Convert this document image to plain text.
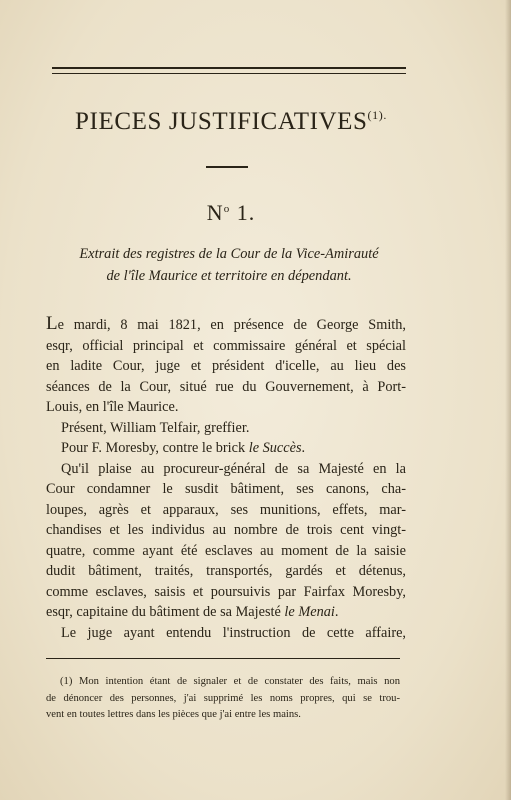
PIECES $JUSTIFICATIVES^{(1).}$
$N^o$ 1.
Extrait des registres de la Cour de la Vice-Amirauté
de l'île Maurice et territoire en dépendant.
Le mardi, 8 mai 1821, en présence de George Smith,
esqr, official principal et commissaire général et spécial
en ladite Cour, juge et président d'icelle, au lieu des
séances de la Cour, situé rue du Gouvernement, à Port-
Louis, en l'île Maurice.
Présent, William Telfair, greffier.
Pour F. Moresby, contre le brick le Succès.
Qu'il plaise au procureur-général de sa Majesté en la
Cour condamner le susdit bâtiment, ses canons, cha-
loupes, agrès et apparaux, ses munitions, effets, mar-
chandises et les individus au nombre de trois cent vingt-
quatre, comme ayant été esclaves au moment de la saisie
dudit bâtiment, traités, transportés, gardés et détenus,
comme esclaves, saisis et poursuivis par Fairfax Moresby,
esqr, capitaine du bâtiment de sa Majesté le Menai.
Le juge ayant entendu l'instruction de cette affaire,
(1) Mon intention étant de signaler et de constater des faits, mais non
de dénoncer des personnes, j'ai supprimé les noms propres, qui se trou-
vent en toutes lettres dans les pièces que j'ai entre les mains.
